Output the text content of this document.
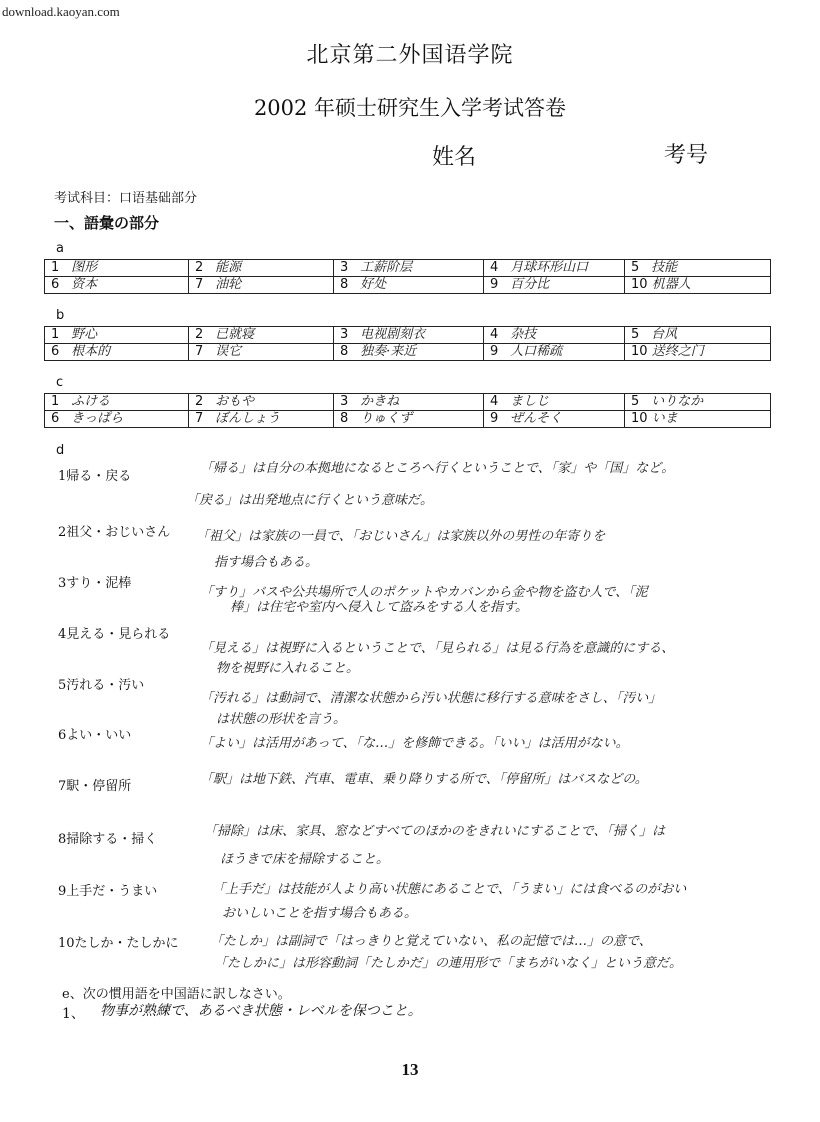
download.kaoyan.com
北京第二外国语学院
2002 年硕士研究生入学考试答卷
姓名	考号
考试科目：口语基础部分
一、語彙の部分
a
1 图形	2 能源	3 工薪阶层	4 月球环形山口	5 技能
6 资本	7 油轮	8 好处	9 百分比	10 机器人
b
1 野心	2 已就寝	3 电视剧刻衣	4 杂技	5 台风
6 根本的	7 误它	8 独奏·来近	9 人口稀疏	10 送终之门
c
1 ふける	2 おもや	3 かきね	4 ましじ	5 いりなか
6 きっぱら	7 ぼんしょう	8 りゅくず	9 ぜんそく	10 いま
d
1帰る・戻る
「帰る」は自分の本拠地になるところへ行くということで、「家」や「国」など。
「戻る」は出発地点に行くという意味だ。
2祖父・おじいさん 「祖父」は家族の一員で、「おじいさん」は家族以外の男性の年寄りを
指す場合もある。
3すり・泥棒
「すり」バスや公共場所で人のポケットやカバンから金や物を盗む人で、「泥
棒」は住宅や室内へ侵入して盗みをする人を指す。
4見える・見られる
「見える」は視野に入るということで、「見られる」は見る行為を意識的にする、
物を視野に入れること。
5汚れる・汚い
「汚れる」は動詞で、清潔な状態から汚い状態に移行する意味をさし、「汚い」
は状態の形状を言う。
6よい・いい
「よい」は活用があって、「な…」を修飾できる。「いい」は活用がない。
7駅・停留所	「駅」は地下鉄、汽車、電車、乗り降りする所で、「停留所」はバスなどの。
8掃除する・掃く
「掃除」は床、家具、窓などすべてのほかのをきれいにすることで、「掃く」は
ほうきで床を掃除すること。
9上手だ・うまい	「上手だ」は技能が人より高い状態にあることで、「うまい」には食べるのがおい
おいしいことを指す場合もある。
10たしか・たしかに 「たしか」は副詞で「はっきりと覚えていない、私の記憶では…」の意で、
「たしかに」は形容動詞「たしかだ」の連用形で「まちがいなく」という意だ。
e、次の慣用語を中国語に訳しなさい。
1、 物事が熟練で、あるべき状態・レベルを保つこと。
13
